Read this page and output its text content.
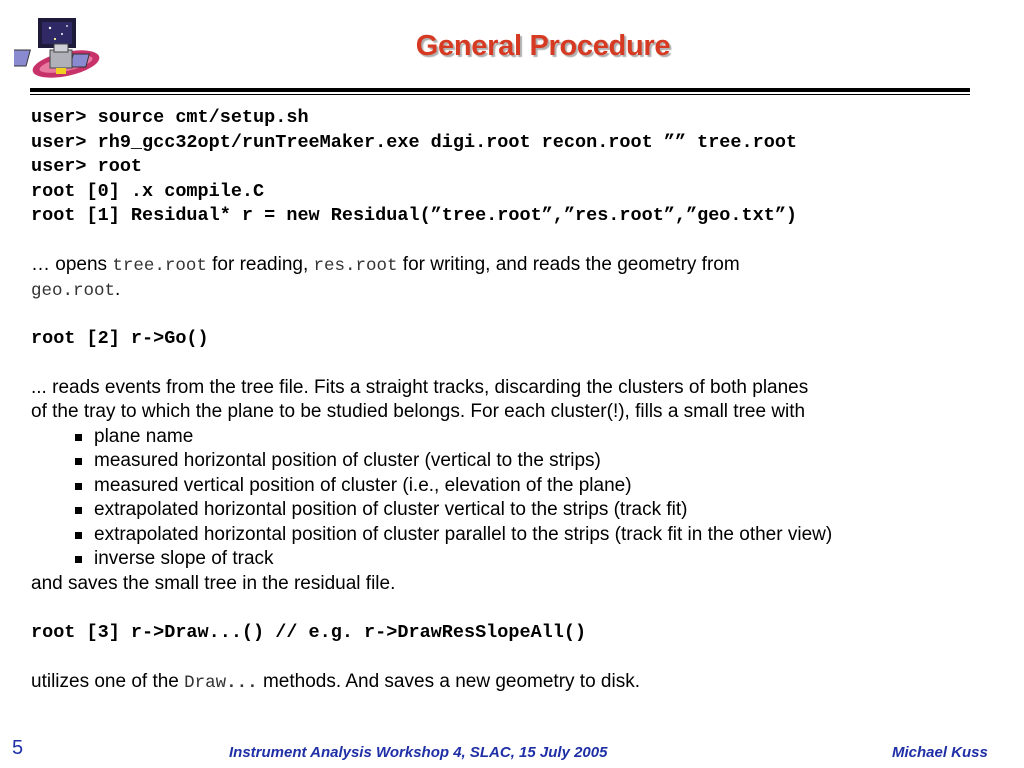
General Procedure
user> source cmt/setup.sh
user> rh9_gcc32opt/runTreeMaker.exe digi.root recon.root ”” tree.root
user> root
root [0] .x compile.C
root [1] Residual* r = new Residual(”tree.root”,”res.root”,”geo.txt”)
… opens tree.root for reading, res.root for writing, and reads the geometry from
geo.root.
root [2] r->Go()
... reads events from the tree file. Fits a straight tracks, discarding the clusters of both planes
of the tray to which the plane to be studied belongs. For each cluster(!), fills a small tree with
plane name
measured horizontal position of cluster (vertical to the strips)
measured vertical position of cluster (i.e., elevation of the plane)
extrapolated horizontal position of cluster vertical to the strips (track fit)
extrapolated horizontal position of cluster parallel to the strips (track fit in the other view)
inverse slope of track
and saves the small tree in the residual file.
root [3] r->Draw...() // e.g. r->DrawResSlopeAll()
utilizes one of the Draw... methods. And saves a new geometry to disk.
5	Instrument Analysis Workshop 4, SLAC, 15 July 2005	Michael Kuss
